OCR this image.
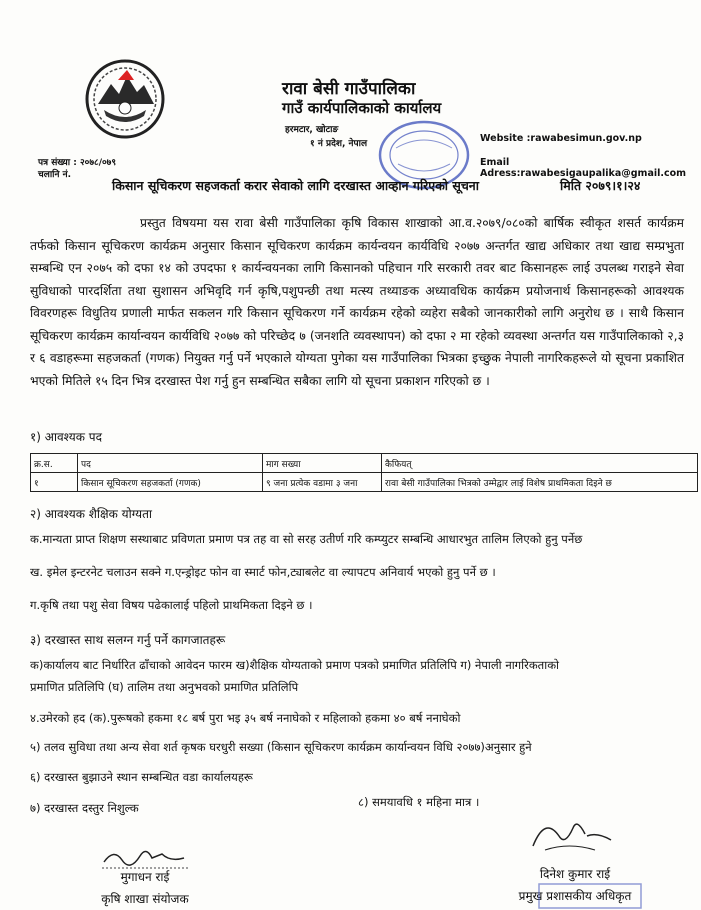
रावा बेसी गाउँपालिका
गाउँ कार्यपालिकाको कार्यालय
हरमटार, खोटाङ
१ नं प्रदेश, नेपाल	Website :rawabesimun.gov.np
Email Adress:rawabesigaupalika@gmail.com
पत्र संख्या : २०७८/०७९
चलानि नं.
किसान सूचिकरण सहजकर्ता करार सेवाको लागि दरखास्त आव्हान गरिएको सूचना	मिति २०७९।१।२४

प्रस्तुत विषयमा यस रावा बेसी गाउँपालिका कृषि विकास शाखाको आ.व.२०७९/०८०को बार्षिक स्वीकृत शसर्त कार्यक्रम तर्फको किसान सूचिकरण कार्यक्रम अनुसार किसान सूचिकरण कार्यक्रम कार्यन्वयन कार्यविधि २०७७ अन्तर्गत खाद्य अधिकार तथा खाद्य सम्प्रभुता सम्बन्धि एन २०७५ को दफा १४ को उपदफा १ कार्यन्वयनका लागि किसानको पहिचान गरि सरकारी तवर बाट किसानहरू लाई उपलब्ध गराइने सेवा सुविधाको पारदर्शिता तथा सुशासन अभिवृदि गर्न कृषि,पशुपन्छी तथा मत्स्य तथ्याङक अध्यावधिक कार्यक्रम प्रयोजनार्थ किसानहरूको आवश्यक विवरणहरू विधुतिय प्रणाली मार्फत सकलन गरि किसान सूचिकरण गर्ने कार्यक्रम रहेको व्यहेरा सबैको जानकारीको लागि अनुरोध छ । साथै किसान सूचिकरण कार्यक्रम कार्यान्वयन कार्यविधि २०७७ को परिच्छेद ७ (जनशति व्यवस्थापन) को दफा २ मा रहेको व्यवस्था अन्तर्गत यस गाउँपालिकाको २,३ र ६ वडाहरूमा सहजकर्ता (गणक) नियुक्त गर्नु पर्ने भएकाले योग्यता पुगेका यस गाउँपालिका भित्रका इच्छुक नेपाली नागरिकहरूले यो सूचना प्रकाशित भएको मितिले १५ दिन भित्र दरखास्त पेश गर्नु हुन सम्बन्धित सबैका लागि यो सूचना प्रकाशन गरिएको छ ।

१) आवश्यक पद
क्र.स.	पद	माग सख्या	कैफियत्
१	किसान सूचिकरण सहजकर्ता (गणक)	९ जना प्रत्येक वडामा ३ जना	रावा बेसी गाउँपालिका भित्रको उम्मेद्वार लाई विशेष प्राथमिकता दिइने छ
२) आवश्यक शैक्षिक योग्यता
क.मान्यता प्राप्त शिक्षण सस्थाबाट प्रविणता प्रमाण पत्र तह वा सो सरह उतीर्ण गरि कम्प्युटर सम्बन्धि आधारभुत तालिम लिएको हुनु पर्नेछ
ख. इमेल इन्टरनेट चलाउन सक्ने ग.एन्ड्रोइट फोन वा स्मार्ट फोन,ट्याबलेट वा ल्यापटप अनिवार्य भएको हुनु पर्ने छ ।
ग.कृषि तथा पशु सेवा विषय पढेकालाई पहिलो प्राथमिकता दिइने छ ।
३) दरखास्त साथ सलग्न गर्नु पर्ने कागजातहरू
क)कार्यालय बाट निर्धारित ढाँचाको आवेदन फारम ख)शैक्षिक योग्यताको प्रमाण पत्रको प्रमाणित प्रतिलिपि ग) नेपाली नागरिकताको
प्रमाणित प्रतिलिपि (घ) तालिम तथा अनुभवको प्रमाणित प्रतिलिपि
४.उमेरको हद (क).पुरूषको हकमा १८ बर्ष पुरा भइ ३५ बर्ष ननाघेको र महिलाको हकमा ४० बर्ष ननाघेको
५) तलव सुविधा तथा अन्य सेवा शर्त कृषक घरधुरी सख्या (किसान सूचिकरण कार्यक्रम कार्यान्वयन विधि २०७७)अनुसार हुने
६) दरखास्त बुझाउने स्थान सम्बन्धित वडा कार्यालयहरू
७) दरखास्त दस्तुर निशुल्क	८) समयावधि १ महिना मात्र ।
मुगाधन राई
कृषि शाखा संयोजक
दिनेश कुमार राई
प्रमुख प्रशासकीय अधिकृत
